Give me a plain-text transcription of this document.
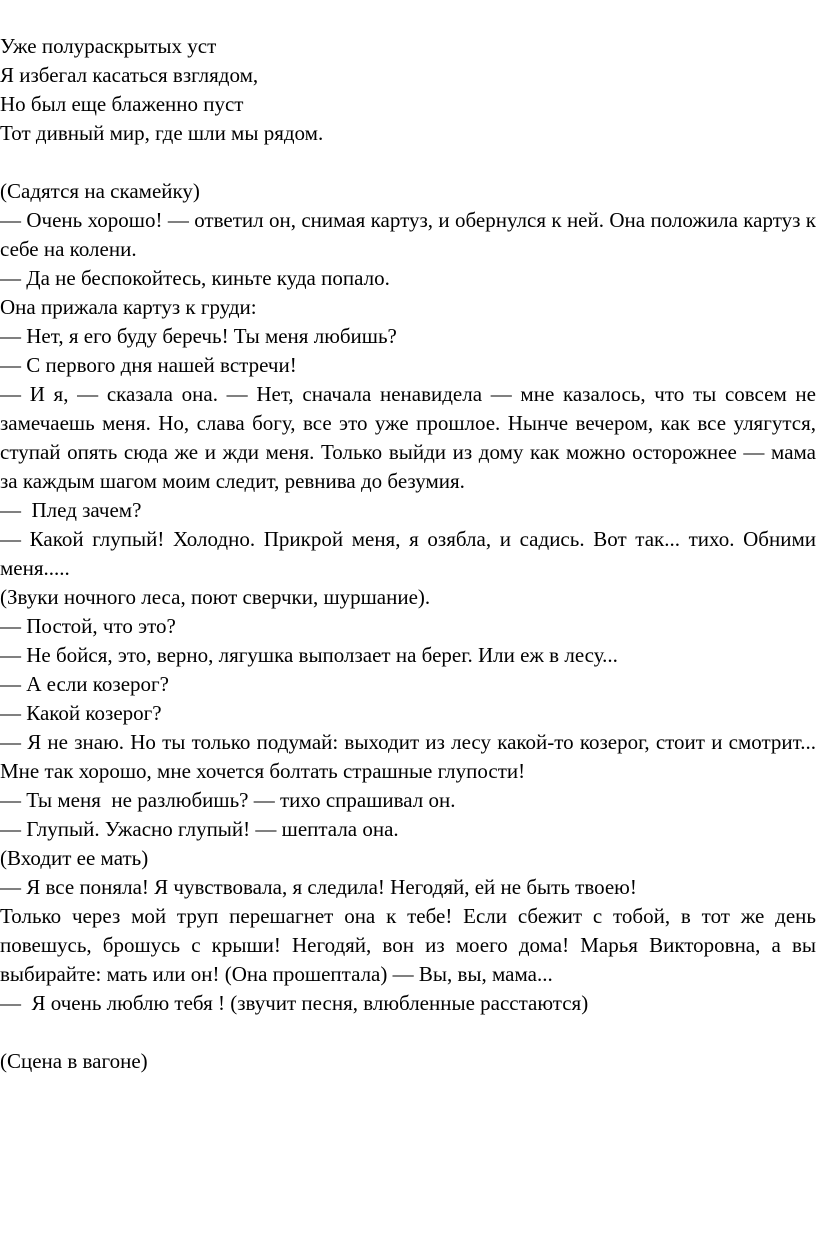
Уже полураскрытых уст
Я избегал касаться взглядом,
Но был еще блаженно пуст
Тот дивный мир, где шли мы рядом.
(Садятся на скамейку)
— Очень хорошо! — ответил он, снимая картуз, и обернулся к ней. Она положила картуз к себе на колени.
— Да не беспокойтесь, киньте куда попало.
Она прижала картуз к груди:
— Нет, я его буду беречь! Ты меня любишь?
— С первого дня нашей встречи!
— И я, — сказала она. — Нет, сначала ненавидела — мне казалось, что ты совсем не замечаешь меня. Но, слава богу, все это уже прошлое. Нынче вечером, как все улягутся, ступай опять сюда же и жди меня. Только выйди из дому как можно осторожнее — мама за каждым шагом моим следит, ревнива до безумия.
—  Плед зачем?
— Какой глупый! Холодно. Прикрой меня, я озябла, и садись. Вот так... тихо. Обними меня.....
(Звуки ночного леса, поют сверчки, шуршание).
— Постой, что это?
— Не бойся, это, верно, лягушка выползает на берег. Или еж в лесу...
— А если козерог?
— Какой козерог?
— Я не знаю. Но ты только подумай: выходит из лесу какой-то козерог, стоит и смотрит... Мне так хорошо, мне хочется болтать страшные глупости!
— Ты меня  не разлюбишь? — тихо спрашивал он.
— Глупый. Ужасно глупый! — шептала она.
(Входит ее мать)
— Я все поняла! Я чувствовала, я следила! Негодяй, ей не быть твоею!
Только через мой труп перешагнет она к тебе! Если сбежит с тобой, в тот же день повешусь, брошусь с крыши! Негодяй, вон из моего дома! Марья Викторовна, а вы выбирайте: мать или он! (Она прошептала) — Вы, вы, мама...
—  Я очень люблю тебя ! (звучит песня, влюбленные расстаются)
(Сцена в вагоне)
